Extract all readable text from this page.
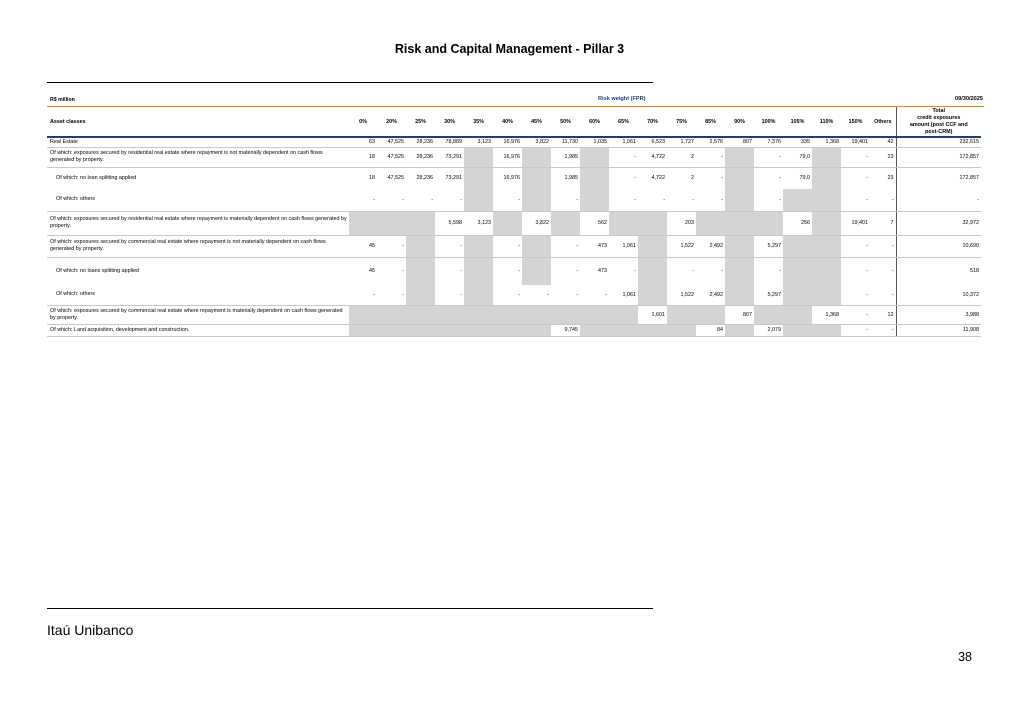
Risk and Capital Management - Pillar 3
R$ million	Risk weight (FPR)	09/30/2025
Asset classes	0%	20%	25%	30%	35%	40%	45%	50%	60%	65%	70%	75%	85%	90%	100%	105%	110%	150%	Others	Total
credit exposures
amount (post CCF and
post-CRM)

Real Estate	63	47,525	28,236	78,889	3,123	16,976	3,822	11,730	1,035	1,061	6,523	1,727	2,576	807	7,376	335	1,368	19,401	42	232,615
Of which: exposures secured by residential real estate where repayment is not materially dependent on cash flows generated by property.	18	47,525	28,236	73,291		16,976		1,985		-	4,722	2	-		-	79,0		-	23	172,857
Of which: no loan splitting applied	18	47,525	28,236	73,291		16,976		1,985		-	4,722	2	-		-	79,0		-	23	172,857
Of which: others	-	-	-	-		-		-		-	-	-	-		-			-	-	-
Of which: exposures secured by residential real estate where repayment is materially dependent on cash flows generated by property.				5,598	3,123		3,822		562			203				256		19,401	7	32,972
Of which: exposures secured by commercial real estate where repayment is not materially dependent on cash flows generated by property.	45	-		-		-		-	473	1,061		1,522	2,492		5,297			-	-	10,690
Of which: no loans splitting applied	45	-		-		-		-	473	-		-	-		-			-	-	518
Of which: others	-	-		-		-	-	-	-	1,061		1,522	2,492		5,297			-	-	10,372
Of which: exposures secured by commercial real estate where repayment is materially dependent on cash flows generated by property.											1,601			807			1,368	-	12	3,988
Of which: Land acquisition, development and construction.								9,745					84		2,079			-	-	11,908
Itaú Unibanco
38
